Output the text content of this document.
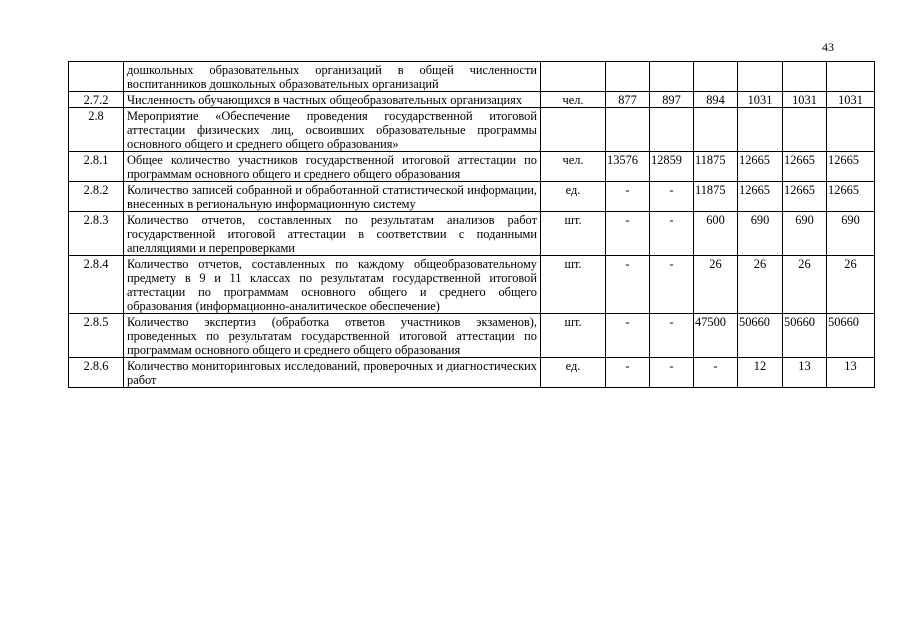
43
	дошкольных образовательных организаций в общей численности воспитанников дошкольных образовательных организаций							
2.7.2	Численность обучающихся в частных общеобразовательных организациях	чел.	877	897	894	1031	1031	1031
2.8	Мероприятие «Обеспечение проведения государственной итоговой аттестации физических лиц, освоивших образовательные программы основного общего и среднего общего образования»							
2.8.1	Общее количество участников государственной итоговой аттестации по программам основного общего и среднего общего образования	чел.	13576	12859	11875	12665	12665	12665
2.8.2	Количество записей собранной и обработанной статистической информации, внесенных в региональную информационную систему	ед.	-	-	11875	12665	12665	12665
2.8.3	Количество отчетов, составленных по результатам анализов работ государственной итоговой аттестации в соответствии с поданными апелляциями и перепроверками	шт.	-	-	600	690	690	690
2.8.4	Количество отчетов, составленных по каждому общеобразовательному предмету в 9 и 11 классах по результатам государственной итоговой аттестации по программам основного общего и среднего общего образования (информационно-аналитическое обеспечение)	шт.	-	-	26	26	26	26
2.8.5	Количество экспертиз (обработка ответов участников экзаменов), проведенных по результатам государственной итоговой аттестации по программам основного общего и среднего общего образования	шт.	-	-	47500	50660	50660	50660
2.8.6	Количество мониторинговых исследований, проверочных и диагностических работ	ед.	-	-	-	12	13	13
